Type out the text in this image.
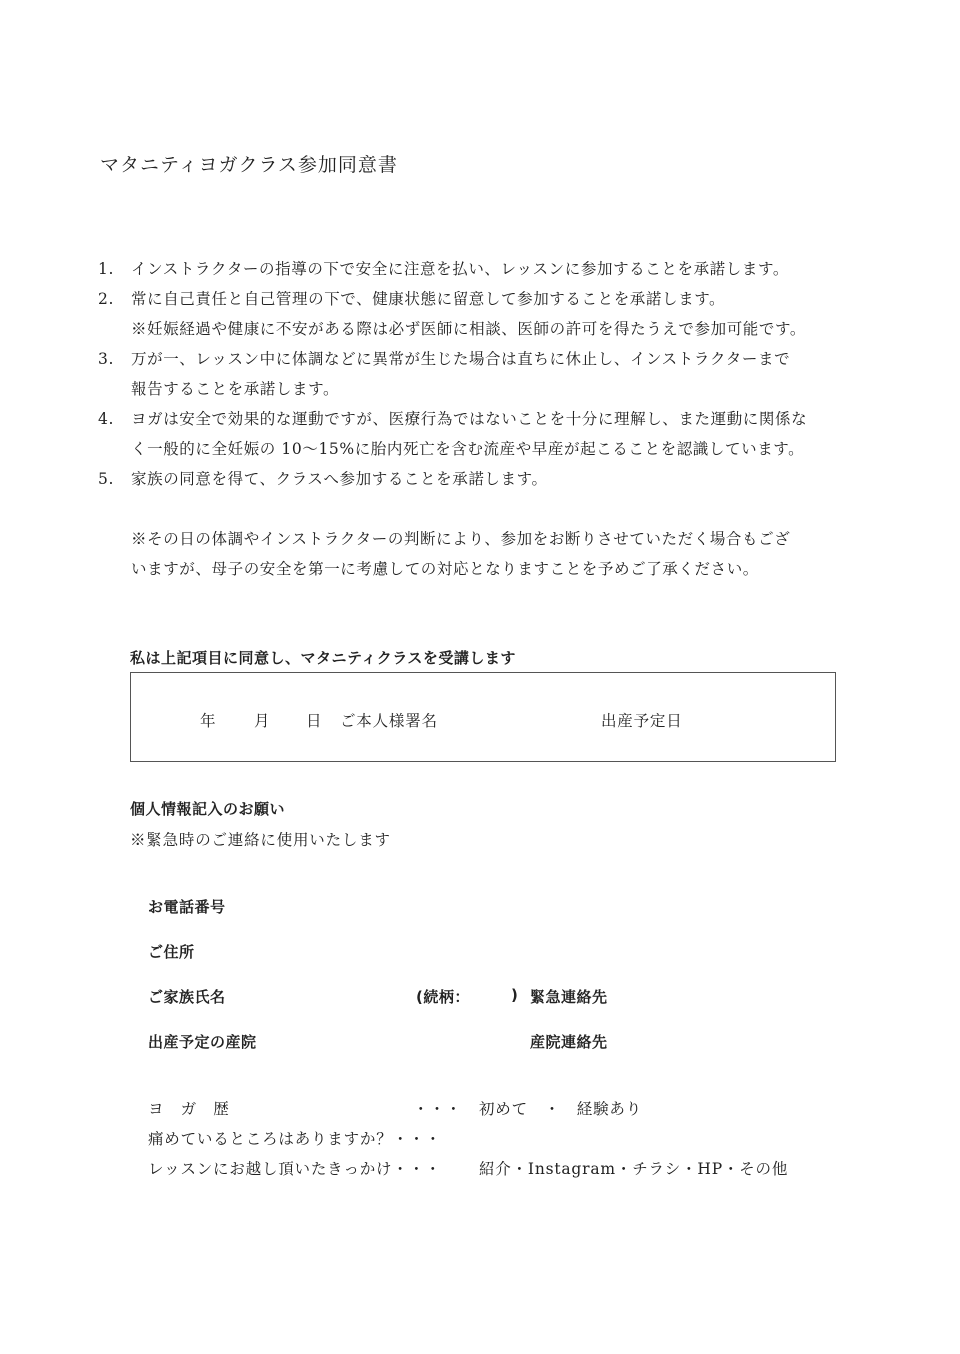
マタニティヨガクラス参加同意書
1.	インストラクターの指導の下で安全に注意を払い、レッスンに参加することを承諾します。
2.	常に自己責任と自己管理の下で、健康状態に留意して参加することを承諾します。
※妊娠経過や健康に不安がある際は必ず医師に相談、医師の許可を得たうえで参加可能です。
3.	万が一、レッスン中に体調などに異常が生じた場合は直ちに休止し、インストラクターまで
報告することを承諾します。
4.	ヨガは安全で効果的な運動ですが、医療行為ではないことを十分に理解し、また運動に関係な
く一般的に全妊娠の 10～15%に胎内死亡を含む流産や早産が起こることを認識しています。
5.	家族の同意を得て、クラスへ参加することを承諾します。
※その日の体調やインストラクターの判断により、参加をお断りさせていただく場合もござ
いますが、母子の安全を第一に考慮しての対応となりますことを予めご了承ください。
私は上記項目に同意し、マタニティクラスを受講します
年 月 日 ご本人様署名	出産予定日
個人情報記入のお願い
※緊急時のご連絡に使用いたします
お電話番号
ご住所
ご家族氏名	(続柄：	) 緊急連絡先
出産予定の産院	産院連絡先
ヨ　ガ　歴	・・・ 初めて　・　経験あり
痛めているところはありますか？・・・
レッスンにお越し頂いたきっかけ・・・ 紹介・Instagram・チラシ・HP・その他
